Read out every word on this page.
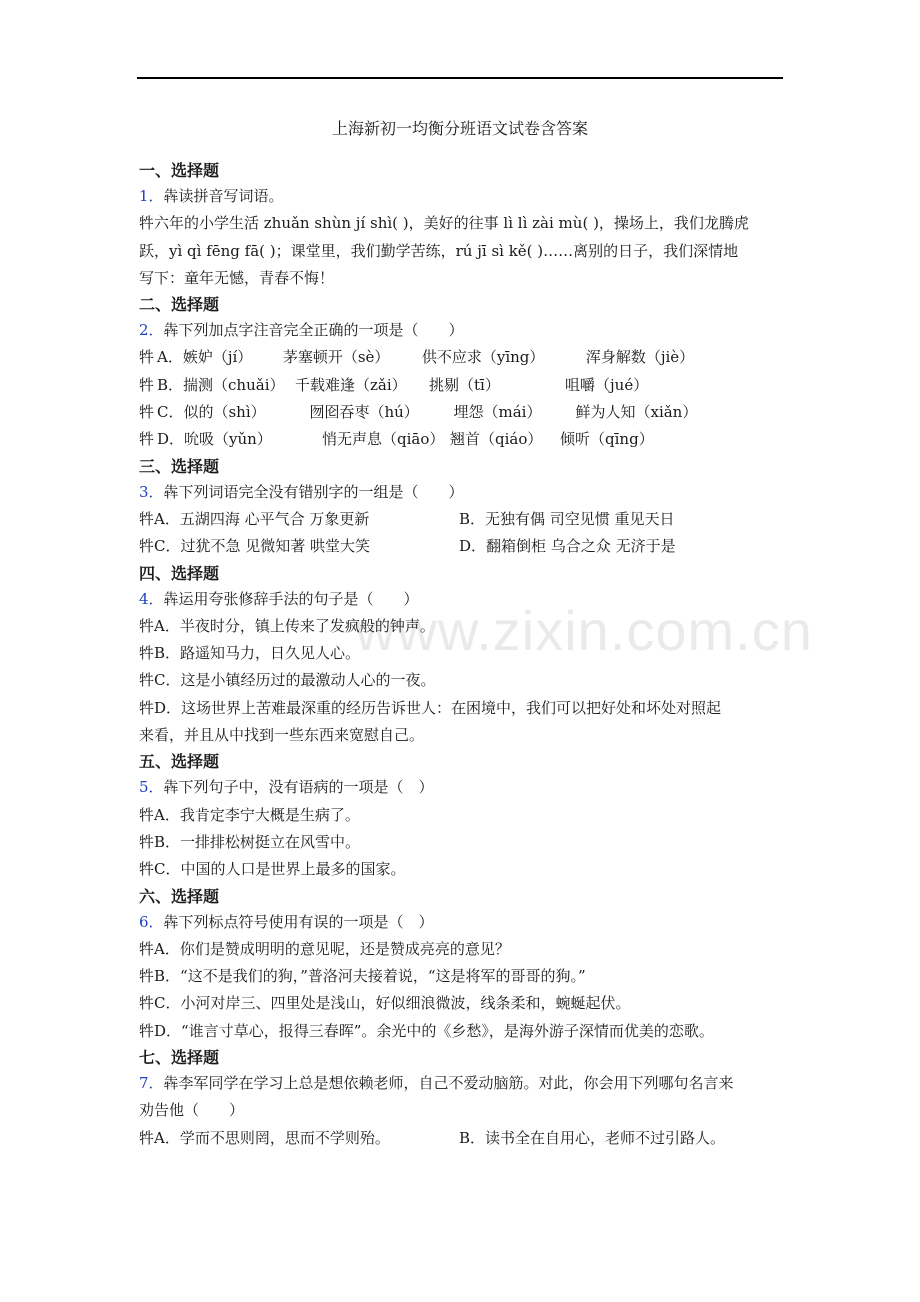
上海新初一均衡分班语文试卷含答案
www.zixin.com.cn
一、选择题
1．犇读拼音写词语。
牪六年的小学生活 zhuǎn shùn jí shì( )，美好的往事 lì lì zài mù( )，操场上，我们龙腾虎
跃，yì qì fēng fā( )；课堂里，我们勤学苦练，rú jī sì kě( )……离别的日子，我们深情地
写下：童年无憾，青春不悔！
二、选择题
2．犇下列加点字注音完全正确的一项是（　　）
牪 A．嫉妒（jí） 茅塞顿开（sè） 供不应求（yīng）	浑身解数（jiè）
牪 B．揣测（chuǎi） 千载难逢（zǎi） 挑剔（tī）	咀嚼（jué）
牪 C．似的（shì）	囫囵吞枣（hú） 埋怨（mái） 鲜为人知（xiǎn）
牪 D．吮吸（yǔn）	悄无声息（qiāo） 翘首（qiáo） 倾听（qīng）
三、选择题
3．犇下列词语完全没有错别字的一组是（　　）
牪A．五湖四海 心平气合 万象更新	B．无独有偶 司空见惯 重见天日
牪C．过犹不急 见微知著 哄堂大笑	D．翻箱倒柜 乌合之众 无济于是
四、选择题
4．犇运用夸张修辞手法的句子是（　　）
牪A．半夜时分，镇上传来了发疯般的钟声。
牪B．路遥知马力，日久见人心。
牪C．这是小镇经历过的最激动人心的一夜。
牪D．这场世界上苦难最深重的经历告诉世人：在困境中，我们可以把好处和坏处对照起
来看，并且从中找到一些东西来宽慰自己。
五、选择题
5．犇下列句子中，没有语病的一项是（　）
牪A．我肯定李宁大概是生病了。
牪B．一排排松树挺立在风雪中。
牪C．中国的人口是世界上最多的国家。
六、选择题
6．犇下列标点符号使用有误的一项是（　）
牪A．你们是赞成明明的意见呢，还是赞成亮亮的意见？
牪B．“这不是我们的狗，”普洛河夫接着说，“这是将军的哥哥的狗。”
牪C．小河对岸三、四里处是浅山，好似细浪微波，线条柔和，蜿蜒起伏。
牪D．“谁言寸草心，报得三春晖”。余光中的《乡愁》，是海外游子深情而优美的恋歌。
七、选择题
7．犇李军同学在学习上总是想依赖老师，自己不爱动脑筋。对此，你会用下列哪句名言来
劝告他（　　）
牪A．学而不思则罔，思而不学则殆。	B．读书全在自用心，老师不过引路人。
